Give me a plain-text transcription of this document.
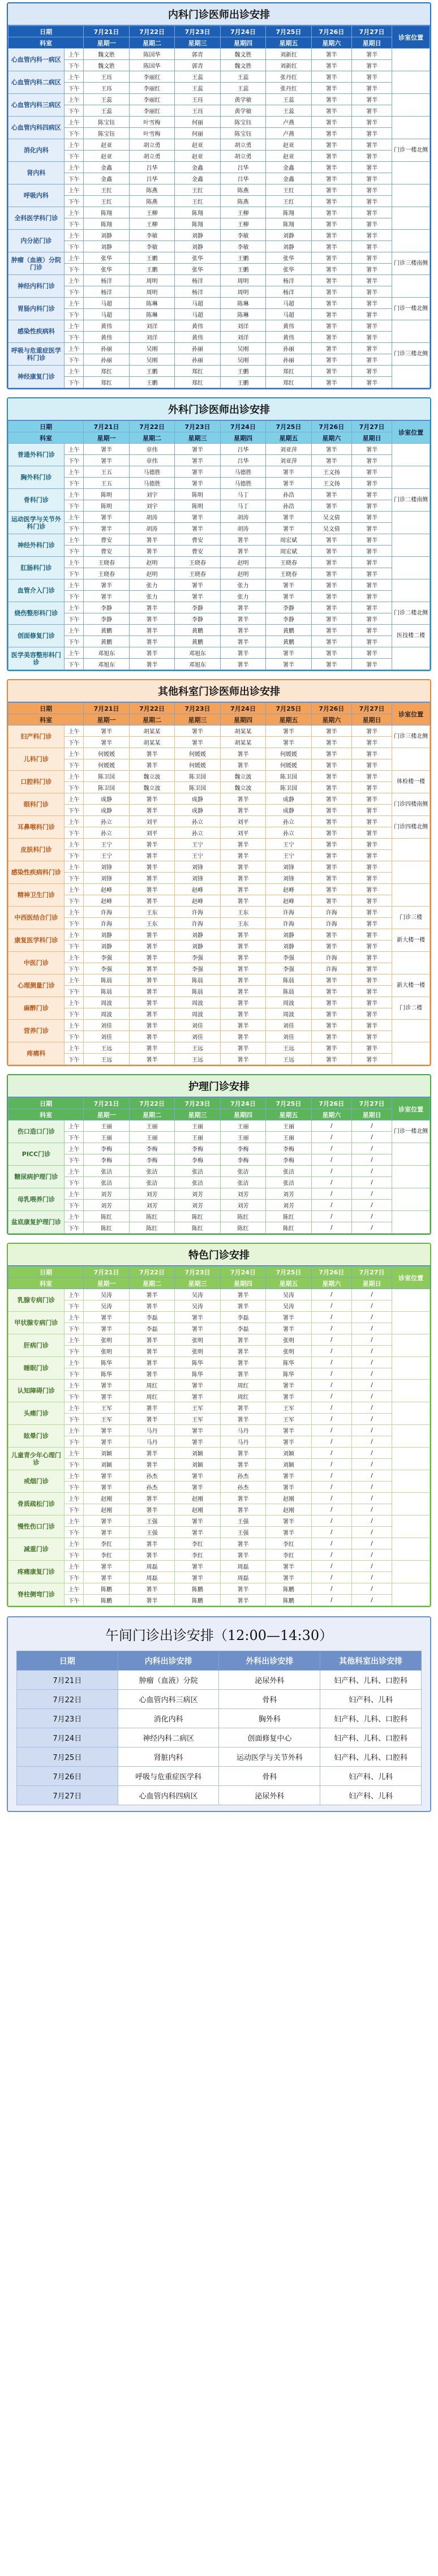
内科门诊医师出诊安排
日期		7月21日	7月22日	7月23日	7月24日	7月25日	7月26日	7月27日	诊室位置
科室		星期一	星期二	星期三	星期四	星期五	星期六	星期日	
心血管内科一病区	上午	魏文胜	陈国华	郭青	魏文胜	刘新红	署半	署半	
	下午	魏文胜	陈国华	郭青	魏文胜	刘新红	署半	署半	
心血管内科二病区	上午	王珏	李丽红	王蕊	王蕊	张丹红	署半	署半	
	下午	王珏	李丽红	王蕊	王蕊	张丹红	署半	署半	
心血管内科三病区	上午	王蕊	李丽红	王珏	黄学敏	王蕊	署半	署半	
	下午	王蕊	李丽红	王珏	黄学敏	王蕊	署半	署半	
心血管内科四病区	上午	陈宝钰	叶雪梅	何丽	陈宝钰	卢燕	署半	署半	
	下午	陈宝钰	叶雪梅	何丽	陈宝钰	卢燕	署半	署半	
消化内科	上午	赵亚	胡立勇	赵亚	胡立勇	赵亚	署半	署半	门诊一楼北侧
	下午	赵亚	胡立勇	赵亚	胡立勇	赵亚	署半	署半	
肾内科	上午	金鑫	吕华	金鑫	吕华	金鑫	署半	署半	
	下午	金鑫	吕华	金鑫	吕华	金鑫	署半	署半	
呼吸内科	上午	王红	陈燕	王红	陈燕	王红	署半	署半	
	下午	王红	陈燕	王红	陈燕	王红	署半	署半	
全科医学科门诊	上午	陈翔	王柳	陈翔	王柳	陈翔	署半	署半	
	下午	陈翔	王柳	陈翔	王柳	陈翔	署半	署半	
内分泌门诊	上午	刘静	李敏	刘静	李敏	刘静	署半	署半	
	下午	刘静	李敏	刘静	李敏	刘静	署半	署半	
肿瘤（血液）分院门诊	上午	张华	王鹏	张华	王鹏	张华	署半	署半	门诊三楼南侧
	下午	张华	王鹏	张华	王鹏	张华	署半	署半	
神经内科门诊	上午	杨洋	周明	杨洋	周明	杨洋	署半	署半	
	下午	杨洋	周明	杨洋	周明	杨洋	署半	署半	
胃肠内科门诊	上午	马超	陈琳	马超	陈琳	马超	署半	署半	门诊一楼北侧
	下午	马超	陈琳	马超	陈琳	马超	署半	署半	
感染性疾病科	上午	黄伟	刘洋	黄伟	刘洋	黄伟	署半	署半	
	下午	黄伟	刘洋	黄伟	刘洋	黄伟	署半	署半	
呼吸与危重症医学科门诊	上午	孙丽	吴刚	孙丽	吴刚	孙丽	署半	署半	门诊三楼北侧
	下午	孙丽	吴刚	孙丽	吴刚	孙丽	署半	署半	
神经康复门诊	上午	郑红	王鹏	郑红	王鹏	郑红	署半	署半	
	下午	郑红	王鹏	郑红	王鹏	郑红	署半	署半	
外科门诊医师出诊安排
日期		7月21日	7月22日	7月23日	7月24日	7月25日	7月26日	7月27日	诊室位置
科室		星期一	星期二	星期三	星期四	星期五	星期六	星期日	
普通外科门诊	上午	署半	章伟	署半	吕华	刘亚萍	署半	署半	
	下午	署半	章伟	署半	吕华	刘亚萍	署半	署半	
胸外科门诊	上午	王五	马德胜	署半	马德胜	署半	王文扬	署半	
	下午	王五	马德胜	署半	马德胜	署半	王文扬	署半	
骨科门诊	上午	陈明	刘宇	陈明	马丁	孙浩	署半	署半	门诊二楼南侧
	下午	陈明	刘宇	陈明	马丁	孙浩	署半	署半	
运动医学与关节外科门诊	上午	署半	胡涛	署半	胡涛	署半	吴文倩	署半	
	下午	署半	胡涛	署半	胡涛	署半	吴文倩	署半	
神经外科门诊	上午	曹安	署半	曹安	署半	周宏斌	署半	署半	
	下午	曹安	署半	曹安	署半	周宏斌	署半	署半	
肛肠科门诊	上午	王晓春	赵明	王晓春	赵明	王晓春	署半	署半	
	下午	王晓春	赵明	王晓春	赵明	王晓春	署半	署半	
血管介入门诊	上午	署半	张力	署半	张力	署半	署半	署半	
	下午	署半	张力	署半	张力	署半	署半	署半	
烧伤整形科门诊	上午	李静	署半	李静	署半	李静	署半	署半	门诊二楼北侧
	下午	李静	署半	李静	署半	李静	署半	署半	
创面修复门诊	上午	黄鹏	署半	黄鹏	署半	黄鹏	署半	署半	医技楼二楼
	下午	黄鹏	署半	黄鹏	署半	黄鹏	署半	署半	
医学美容整形科门诊	上午	邓旭东	署半	邓旭东	署半	署半	署半	署半	
	下午	邓旭东	署半	邓旭东	署半	署半	署半	署半	
其他科室门诊医师出诊安排
日期		7月21日	7月22日	7月23日	7月24日	7月25日	7月26日	7月27日	诊室位置
科室		星期一	星期二	星期三	星期四	星期五	星期六	星期日	
妇产科门诊	上午	署半	胡某某	署半	胡某某	署半	署半	署半	门诊三楼北侧
	下午	署半	胡某某	署半	胡某某	署半	署半	署半	
儿科门诊	上午	何媛媛	署半	何媛媛	署半	何媛媛	署半	署半	
	下午	何媛媛	署半	何媛媛	署半	何媛媛	署半	署半	
口腔科门诊	上午	陈卫国	魏立波	陈卫国	魏立波	陈卫国	署半	署半	体检楼一楼
	下午	陈卫国	魏立波	陈卫国	魏立波	陈卫国	署半	署半	
眼科门诊	上午	成静	署半	成静	署半	成静	署半	署半	门诊四楼南侧
	下午	成静	署半	成静	署半	成静	署半	署半	
耳鼻喉科门诊	上午	孙立	刘平	孙立	刘平	孙立	署半	署半	门诊四楼北侧
	下午	孙立	刘平	孙立	刘平	孙立	署半	署半	
皮肤科门诊	上午	王宁	署半	王宁	署半	王宁	署半	署半	
	下午	王宁	署半	王宁	署半	王宁	署半	署半	
感染性疾病科门诊	上午	刘锋	署半	刘锋	署半	刘锋	署半	署半	
	下午	刘锋	署半	刘锋	署半	刘锋	署半	署半	
精神卫生门诊	上午	赵峰	署半	赵峰	署半	赵峰	署半	署半	
	下午	赵峰	署半	赵峰	署半	赵峰	署半	署半	
中西医结合门诊	上午	许海	王东	许海	王东	许海	许海	署半	门诊三楼
	下午	许海	王东	许海	王东	许海	许海	署半	
康复医学科门诊	上午	刘静	署半	刘静	署半	刘静	署半	署半	新大楼一楼
	下午	刘静	署半	刘静	署半	刘静	署半	署半	
中医门诊	上午	李强	署半	李强	署半	李强	许海	署半	
	下午	李强	署半	李强	署半	李强	许海	署半	
心理测量门诊	上午	陈晨	署半	陈晨	署半	陈晨	署半	署半	新大楼一楼
	下午	陈晨	署半	陈晨	署半	陈晨	署半	署半	
麻醉门诊	上午	周波	署半	周波	署半	周波	署半	署半	门诊二楼
	下午	周波	署半	周波	署半	周波	署半	署半	
营养门诊	上午	刘佳	署半	刘佳	署半	刘佳	署半	署半	
	下午	刘佳	署半	刘佳	署半	刘佳	署半	署半	
疼痛科	上午	王远	署半	王远	署半	王远	署半	署半	
	下午	王远	署半	王远	署半	王远	署半	署半	
护理门诊安排
日期		7月21日	7月22日	7月23日	7月24日	7月25日	7月26日	7月27日	诊室位置
科室		星期一	星期二	星期三	星期四	星期五	星期六	星期日	
伤口造口门诊	上午	王丽	王丽	王丽	王丽	王丽	/	/	门诊一楼北侧
	下午	王丽	王丽	王丽	王丽	王丽	/	/	
PICC门诊	上午	李梅	李梅	李梅	李梅	李梅	/	/	
	下午	李梅	李梅	李梅	李梅	李梅	/	/	
糖尿病护理门诊	上午	张洁	张洁	张洁	张洁	张洁	/	/	
	下午	张洁	张洁	张洁	张洁	张洁	/	/	
母乳喂养门诊	上午	刘芳	刘芳	刘芳	刘芳	刘芳	/	/	
	下午	刘芳	刘芳	刘芳	刘芳	刘芳	/	/	
盆底康复护理门诊	上午	陈红	陈红	陈红	陈红	陈红	/	/	
	下午	陈红	陈红	陈红	陈红	陈红	/	/	
特色门诊安排
日期		7月21日	7月22日	7月23日	7月24日	7月25日	7月26日	7月27日	诊室位置
科室		星期一	星期二	星期三	星期四	星期五	星期六	星期日	
乳腺专病门诊	上午	吴涛	署半	吴涛	署半	吴涛	/	/	
	下午	吴涛	署半	吴涛	署半	吴涛	/	/	
甲状腺专病门诊	上午	署半	李磊	署半	李磊	署半	/	/	
	下午	署半	李磊	署半	李磊	署半	/	/	
肝病门诊	上午	张明	署半	张明	署半	张明	/	/	
	下午	张明	署半	张明	署半	张明	/	/	
睡眠门诊	上午	陈华	署半	陈华	署半	陈华	/	/	
	下午	陈华	署半	陈华	署半	陈华	/	/	
认知障碍门诊	上午	署半	周红	署半	周红	署半	/	/	
	下午	署半	周红	署半	周红	署半	/	/	
头痛门诊	上午	王军	署半	王军	署半	王军	/	/	
	下午	王军	署半	王军	署半	王军	/	/	
眩晕门诊	上午	署半	马丹	署半	马丹	署半	/	/	
	下午	署半	马丹	署半	马丹	署半	/	/	
儿童青少年心理门诊	上午	刘颖	署半	刘颖	署半	刘颖	/	/	
	下午	刘颖	署半	刘颖	署半	刘颖	/	/	
戒烟门诊	上午	署半	孙杰	署半	孙杰	署半	/	/	
	下午	署半	孙杰	署半	孙杰	署半	/	/	
骨质疏松门诊	上午	赵刚	署半	赵刚	署半	赵刚	/	/	
	下午	赵刚	署半	赵刚	署半	赵刚	/	/	
慢性伤口门诊	上午	署半	王强	署半	王强	署半	/	/	
	下午	署半	王强	署半	王强	署半	/	/	
减重门诊	上午	李红	署半	李红	署半	李红	/	/	
	下午	李红	署半	李红	署半	李红	/	/	
疼痛康复门诊	上午	署半	周磊	署半	周磊	署半	/	/	
	下午	署半	周磊	署半	周磊	署半	/	/	
脊柱侧弯门诊	上午	陈鹏	署半	陈鹏	署半	陈鹏	/	/	
	下午	陈鹏	署半	陈鹏	署半	陈鹏	/	/	
午间门诊出诊安排（12:00—14:30）
日期	内科出诊安排	外科出诊安排	其他科室出诊安排
7月21日	肿瘤（血液）分院	泌尿外科	妇产科、儿科、口腔科
7月22日	心血管内科三病区	骨科	妇产科、儿科
7月23日	消化内科	胸外科	妇产科、儿科、口腔科
7月24日	神经内科二病区	创面修复中心	妇产科、儿科、口腔科
7月25日	肾脏内科	运动医学与关节外科	妇产科、儿科、口腔科
7月26日	呼吸与危重症医学科	骨科	妇产科、儿科
7月27日	心血管内科四病区	泌尿外科	妇产科、儿科
